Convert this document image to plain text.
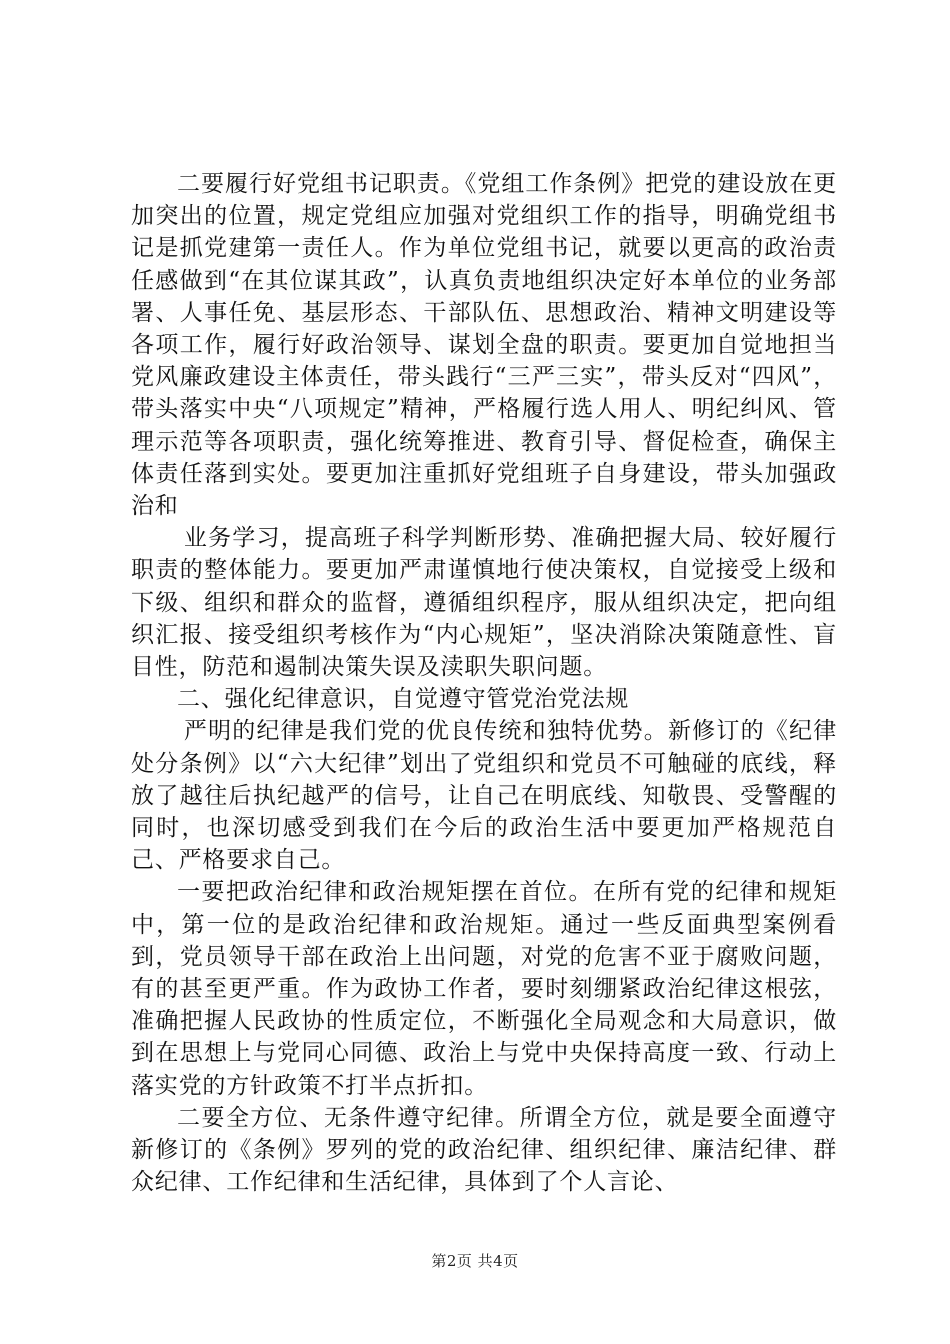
二要履行好党组书记职责。《党组工作条例》把党的建设放在更加突出的位置，规定党组应加强对党组织工作的指导，明确党组书记是抓党建第一责任人。作为单位党组书记，就要以更高的政治责任感做到“在其位谋其政”，认真负责地组织决定好本单位的业务部署、人事任免、基层形态、干部队伍、思想政治、精神文明建设等各项工作，履行好政治领导、谋划全盘的职责。要更加自觉地担当党风廉政建设主体责任，带头践行“三严三实”，带头反对“四风”，带头落实中央“八项规定”精神，严格履行选人用人、明纪纠风、管理示范等各项职责，强化统筹推进、教育引导、督促检查，确保主体责任落到实处。要更加注重抓好党组班子自身建设，带头加强政治和

业务学习，提高班子科学判断形势、准确把握大局、较好履行职责的整体能力。要更加严肃谨慎地行使决策权，自觉接受上级和下级、组织和群众的监督，遵循组织程序，服从组织决定，把向组织汇报、接受组织考核作为“内心规矩”，坚决消除决策随意性、盲目性，防范和遏制决策失误及渎职失职问题。

二、强化纪律意识，自觉遵守管党治党法规

严明的纪律是我们党的优良传统和独特优势。新修订的《纪律处分条例》以“六大纪律”划出了党组织和党员不可触碰的底线，释放了越往后执纪越严的信号，让自己在明底线、知敬畏、受警醒的同时，也深切感受到我们在今后的政治生活中要更加严格规范自己、严格要求自己。

一要把政治纪律和政治规矩摆在首位。在所有党的纪律和规矩中，第一位的是政治纪律和政治规矩。通过一些反面典型案例看到，党员领导干部在政治上出问题，对党的危害不亚于腐败问题，有的甚至更严重。作为政协工作者，要时刻绷紧政治纪律这根弦，准确把握人民政协的性质定位，不断强化全局观念和大局意识，做到在思想上与党同心同德、政治上与党中央保持高度一致、行动上落实党的方针政策不打半点折扣。

二要全方位、无条件遵守纪律。所谓全方位，就是要全面遵守新修订的《条例》罗列的党的政治纪律、组织纪律、廉洁纪律、群众纪律、工作纪律和生活纪律，具体到了个人言论、

第2页 共4页
